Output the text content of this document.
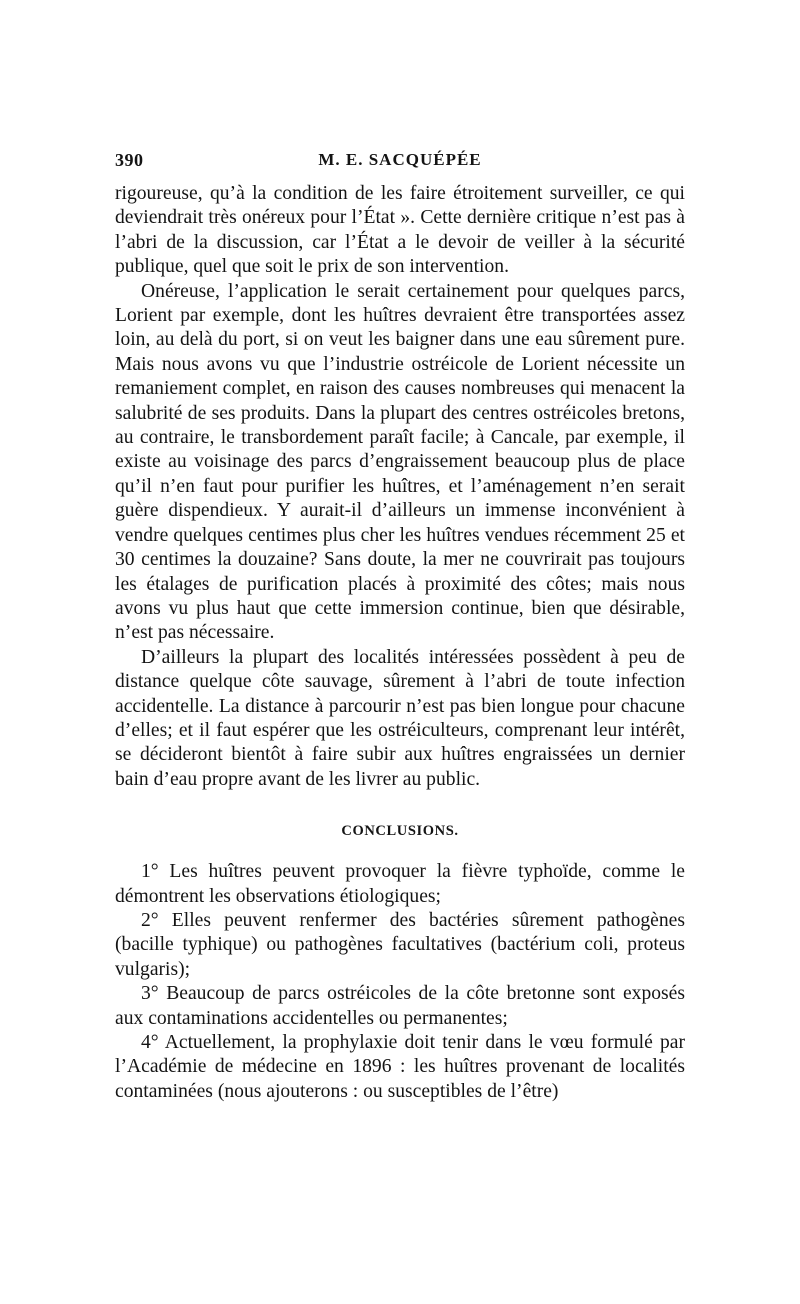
390	M. E. SACQUÉPÉE

rigoureuse, qu’à la condition de les faire étroitement surveiller, ce qui deviendrait très onéreux pour l’État ». Cette dernière critique n’est pas à l’abri de la discussion, car l’État a le devoir de veiller à la sécurité publique, quel que soit le prix de son intervention.

Onéreuse, l’application le serait certainement pour quelques parcs, Lorient par exemple, dont les huîtres devraient être transportées assez loin, au delà du port, si on veut les baigner dans une eau sûrement pure. Mais nous avons vu que l’industrie ostréicole de Lorient nécessite un remaniement complet, en raison des causes nombreuses qui menacent la salubrité de ses produits. Dans la plupart des centres ostréicoles bretons, au contraire, le transbordement paraît facile; à Cancale, par exemple, il existe au voisinage des parcs d’engraissement beaucoup plus de place qu’il n’en faut pour purifier les huîtres, et l’aménagement n’en serait guère dispendieux. Y aurait-il d’ailleurs un immense inconvénient à vendre quelques centimes plus cher les huîtres vendues récemment 25 et 30 centimes la douzaine? Sans doute, la mer ne couvrirait pas toujours les étalages de purification placés à proximité des côtes; mais nous avons vu plus haut que cette immersion continue, bien que désirable, n’est pas nécessaire.

D’ailleurs la plupart des localités intéressées possèdent à peu de distance quelque côte sauvage, sûrement à l’abri de toute infection accidentelle. La distance à parcourir n’est pas bien longue pour chacune d’elles; et il faut espérer que les ostréiculteurs, comprenant leur intérêt, se décideront bientôt à faire subir aux huîtres engraissées un dernier bain d’eau propre avant de les livrer au public.

CONCLUSIONS.

1° Les huîtres peuvent provoquer la fièvre typhoïde, comme le démontrent les observations étiologiques;

2° Elles peuvent renfermer des bactéries sûrement pathogènes (bacille typhique) ou pathogènes facultatives (bactérium coli, proteus vulgaris);

3° Beaucoup de parcs ostréicoles de la côte bretonne sont exposés aux contaminations accidentelles ou permanentes;

4° Actuellement, la prophylaxie doit tenir dans le vœu formulé par l’Académie de médecine en 1896 : les huîtres provenant de localités contaminées (nous ajouterons : ou susceptibles de l’être)
